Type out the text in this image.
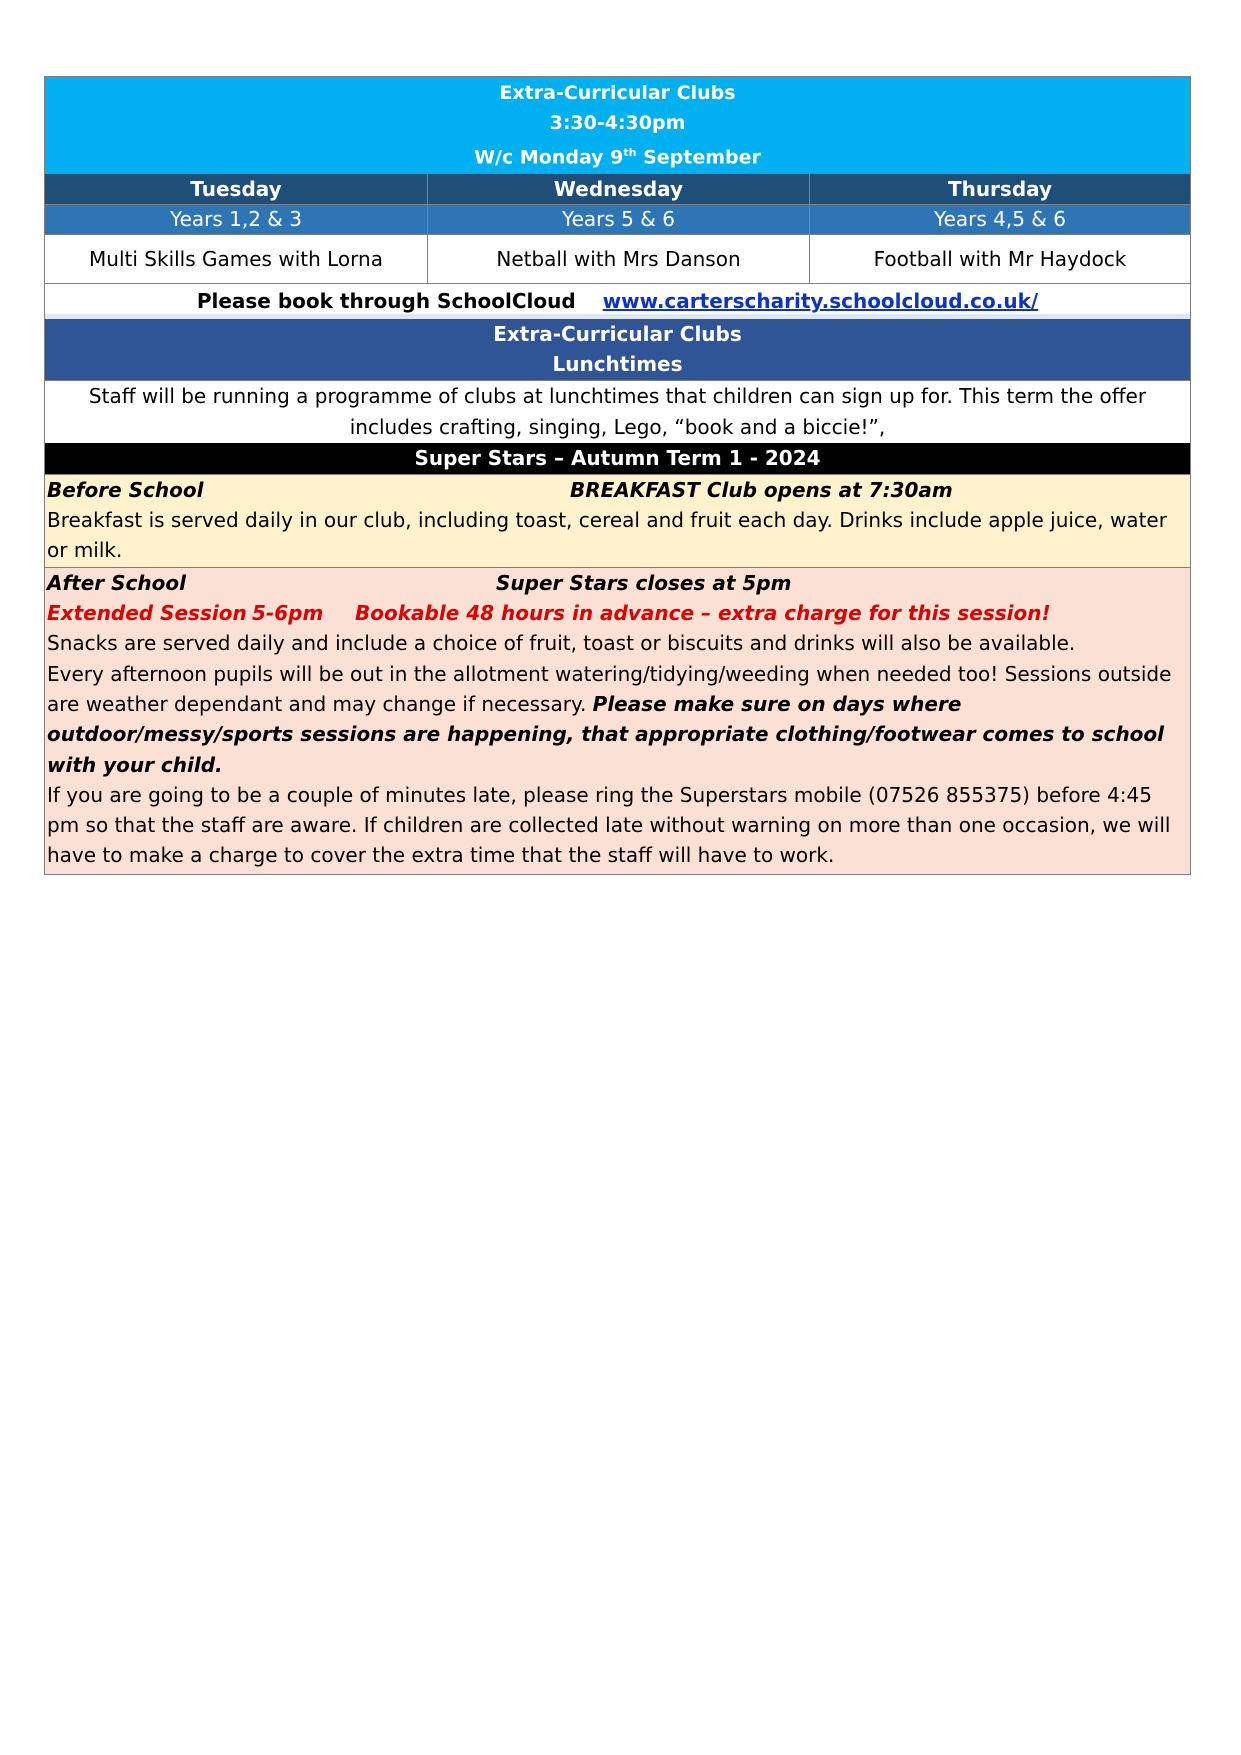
Extra-Curricular Clubs
3:30-4:30pm
W/c Monday 9th September
Tuesday	Wednesday	Thursday
Years 1,2 & 3	Years 5 & 6	Years 4,5 & 6
Multi Skills Games with Lorna	Netball with Mrs Danson	Football with Mr Haydock
Please book through SchoolCloud www.carterscharity.schoolcloud.co.uk/
Extra-Curricular Clubs
Lunchtimes
Staff will be running a programme of clubs at lunchtimes that children can sign up for. This term the offer
includes crafting, singing, Lego, “book and a biccie!”,
Super Stars – Autumn Term 1 - 2024
Before School	BREAKFAST Club opens at 7:30am

Breakfast is served daily in our club, including toast, cereal and fruit each day. Drinks include apple juice, water or milk.

After School	Super Stars closes at 5pm
Extended Session 5-6pm Bookable 48 hours in advance – extra charge for this session!

Snacks are served daily and include a choice of fruit, toast or biscuits and drinks will also be available.

Every afternoon pupils will be out in the allotment watering/tidying/weeding when needed too! Sessions outside are weather dependant and may change if necessary. Please make sure on days where outdoor/messy/sports sessions are happening, that appropriate clothing/footwear comes to school with your child.

If you are going to be a couple of minutes late, please ring the Superstars mobile (07526 855375) before 4:45 pm so that the staff are aware. If children are collected late without warning on more than one occasion, we will have to make a charge to cover the extra time that the staff will have to work.
